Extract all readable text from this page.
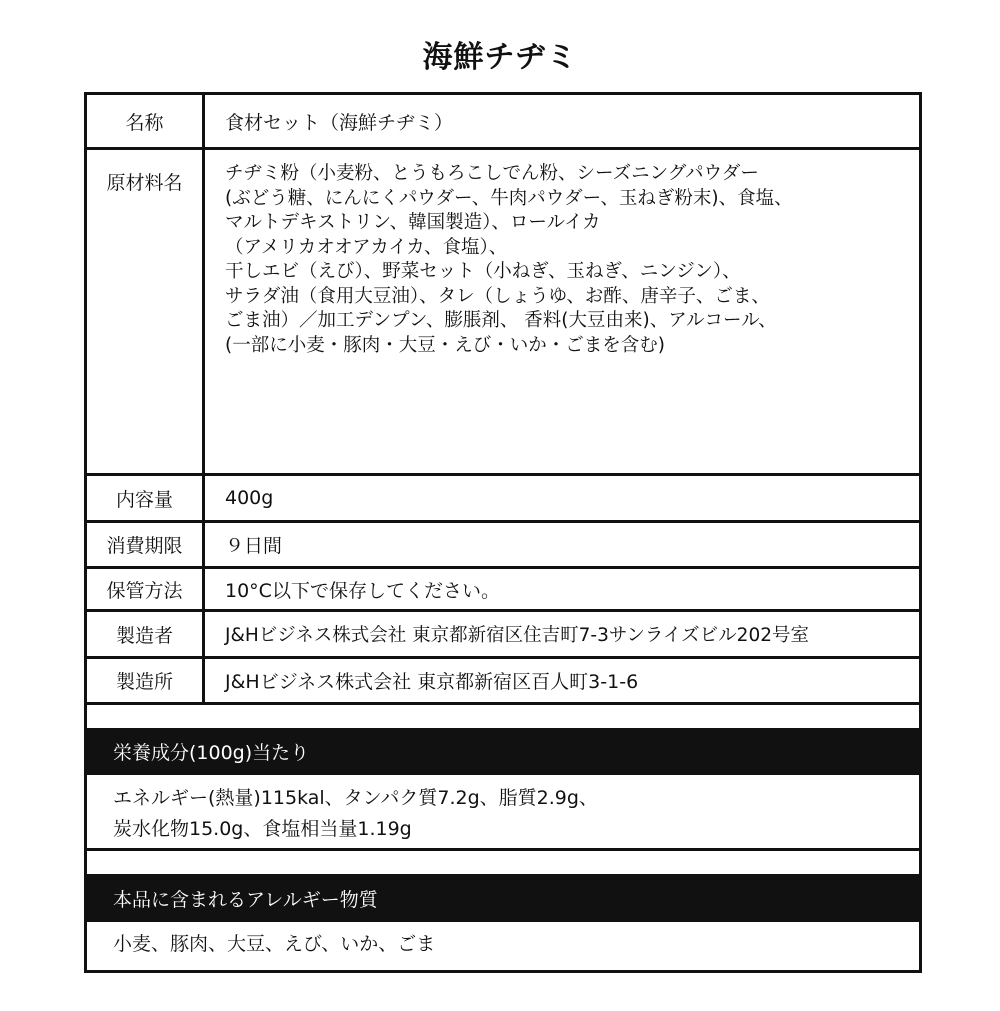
海鮮チヂミ
名称	食材セット（海鮮チヂミ）
原材料名	チヂミ粉（小麦粉、とうもろこしでん粉、シーズニングパウダー
(ぶどう糖、にんにくパウダー、牛肉パウダー、玉ねぎ粉末)、食塩、
マルトデキストリン、韓国製造）、ロールイカ
（アメリカオオアカイカ、食塩）、
干しエビ（えび）、野菜セット（小ねぎ、玉ねぎ、ニンジン）、
サラダ油（食用大豆油）、タレ（しょうゆ、お酢、唐辛子、ごま、
ごま油）／加工デンプン、膨脹剤、 香料(大豆由来)、アルコール、
(一部に小麦・豚肉・大豆・えび・いか・ごまを含む)
内容量	400g
消費期限	９日間
保管方法	10°C以下で保存してください。
製造者	J&Hビジネス株式会社 東京都新宿区住吉町7-3サンライズビル202号室
製造所	J&Hビジネス株式会社 東京都新宿区百人町3-1-6
栄養成分(100g)当たり
エネルギー(熱量)115kal、タンパク質7.2g、脂質2.9g、
炭水化物15.0g、食塩相当量1.19g
本品に含まれるアレルギー物質
小麦、豚肉、大豆、えび、いか、ごま
